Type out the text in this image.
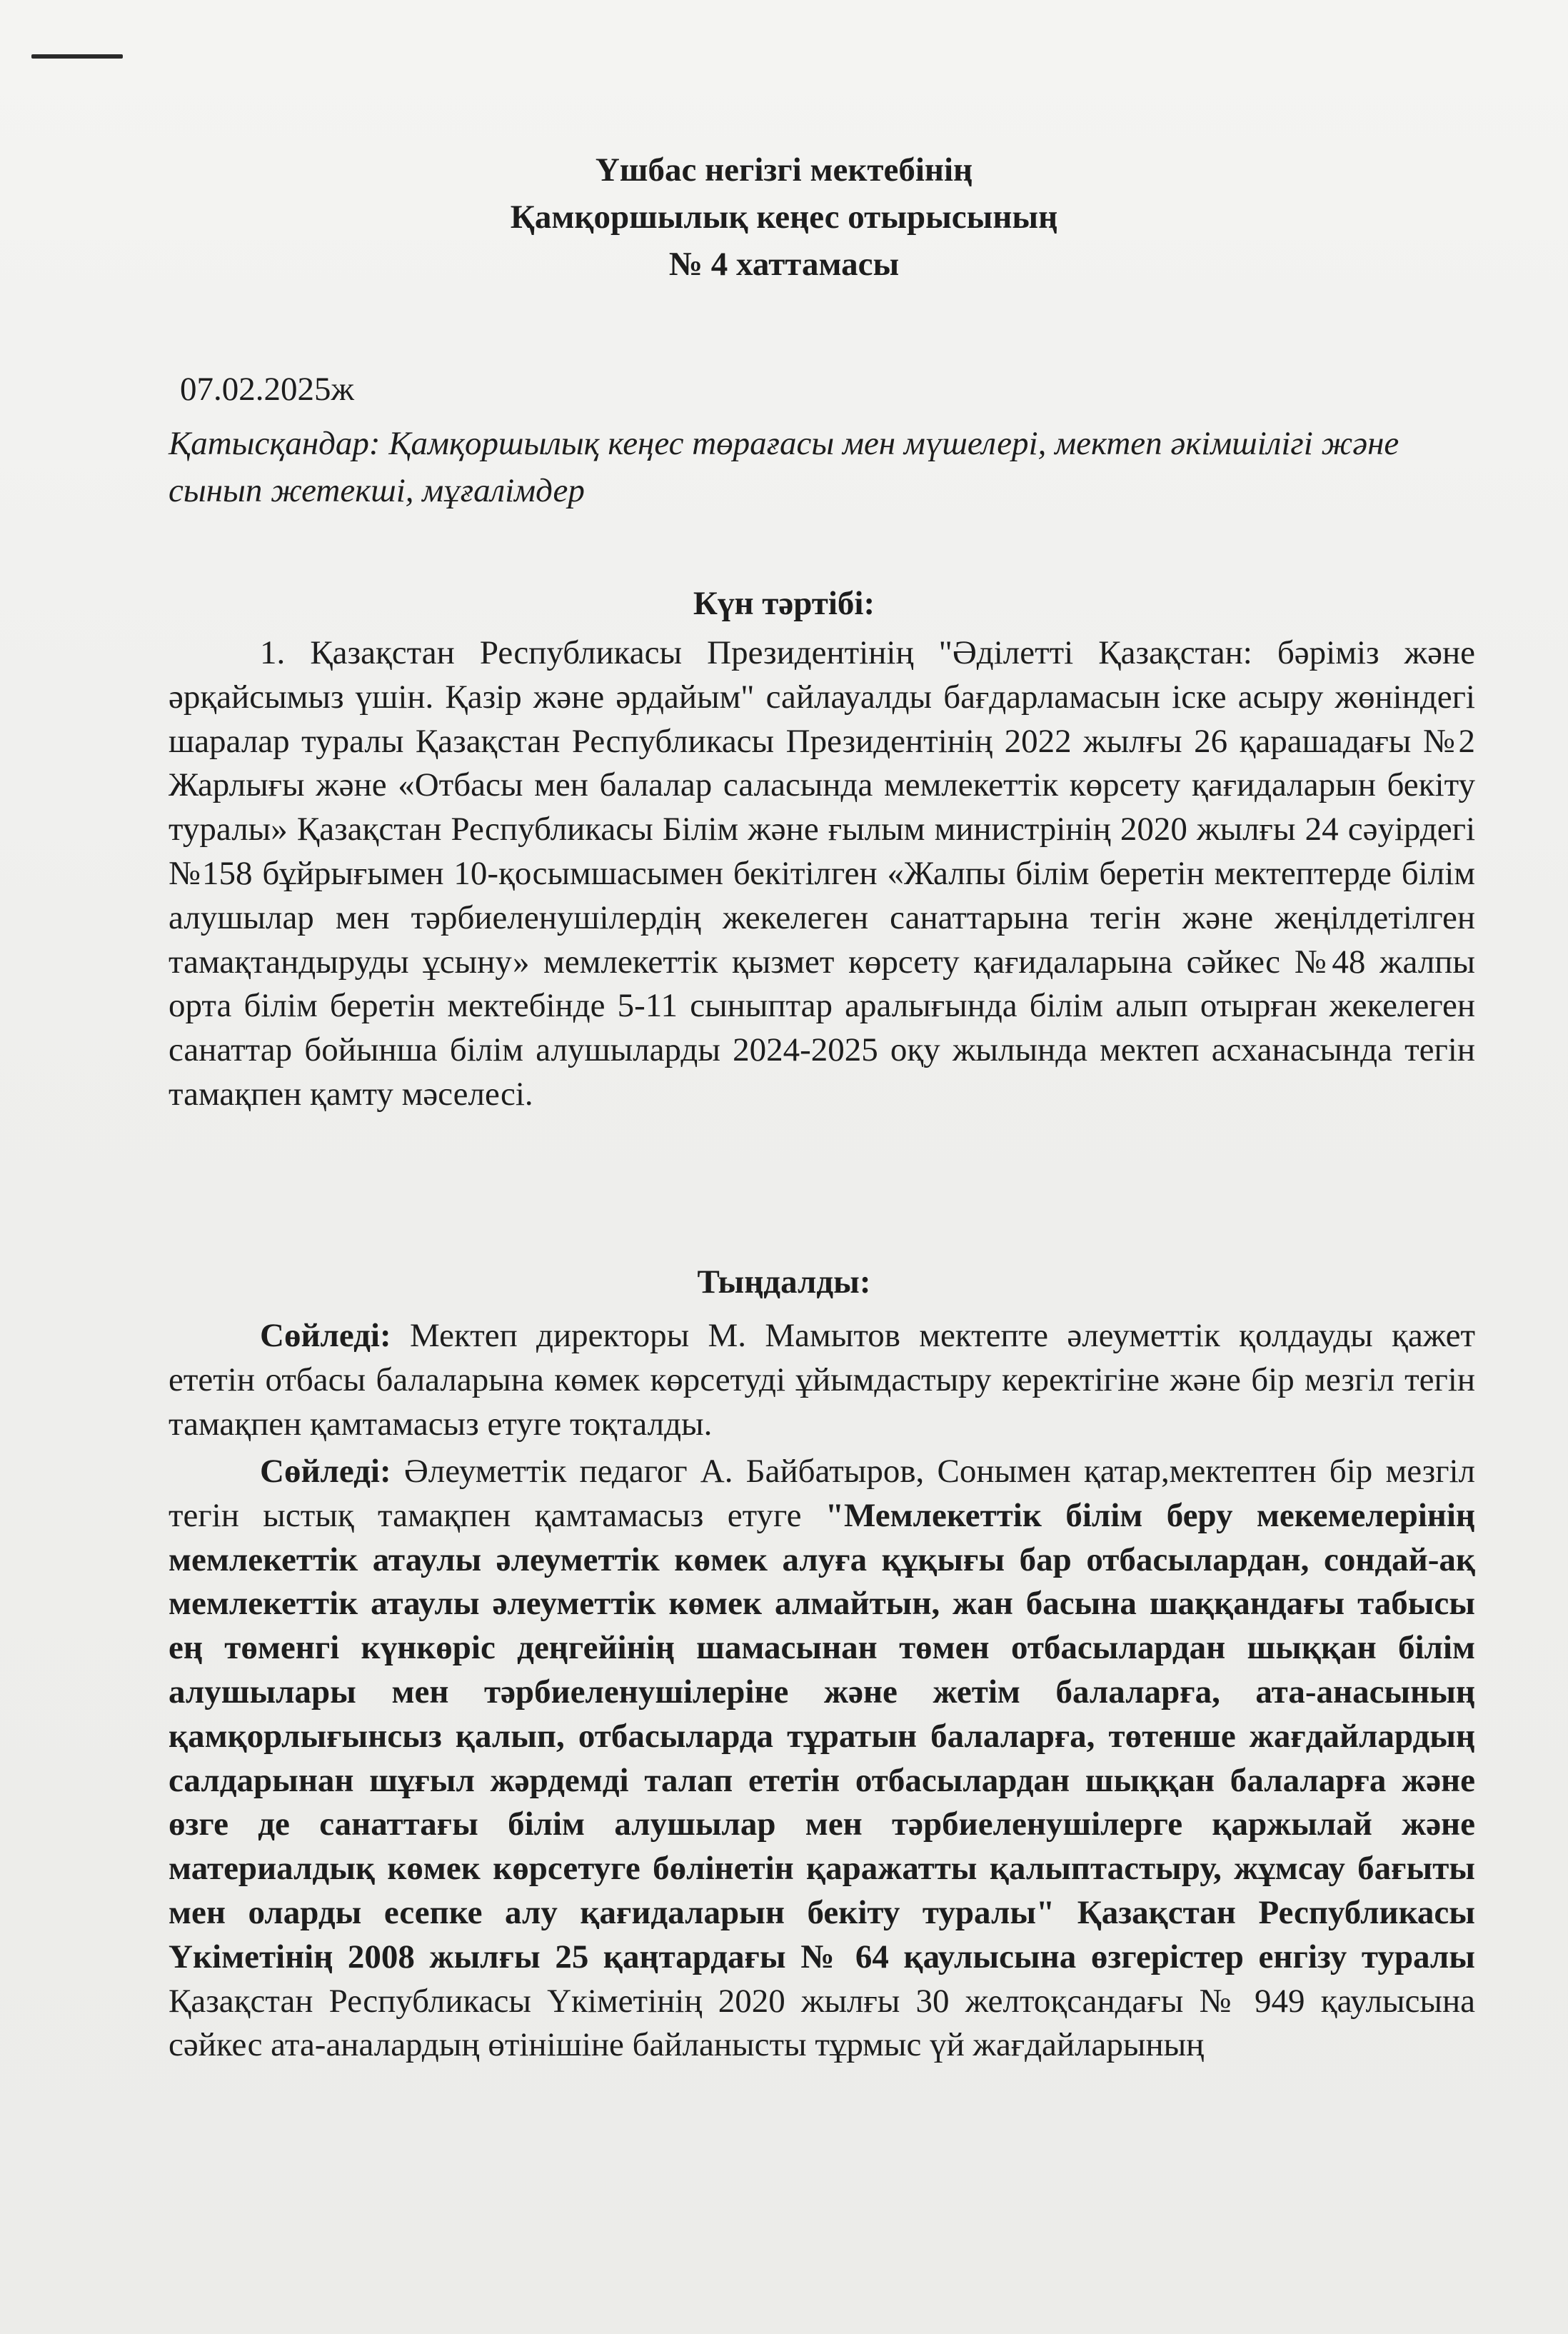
Үшбас негізгі мектебінің
Қамқоршылық кеңес отырысының
№ 4 хаттамасы
07.02.2025ж
Қатысқандар: Қамқоршылық кеңес төрағасы мен мүшелері, мектеп әкімшілігі және сынып жетекші, мұғалімдер
Күн тәртібі:

1. Қазақстан Республикасы Президентінің "Әділетті Қазақстан: бәріміз және әрқайсымыз үшін. Қазір және әрдайым" сайлауалды бағдарламасын іске асыру жөніндегі шаралар туралы Қазақстан Республикасы Президентінің 2022 жылғы 26 қарашадағы №2 Жарлығы және «Отбасы мен балалар саласында мемлекеттік көрсету қағидаларын бекіту туралы» Қазақстан Республикасы Білім және ғылым министрінің 2020 жылғы 24 сәуірдегі №158 бұйрығымен 10-қосымшасымен бекітілген «Жалпы білім беретін мектептерде білім алушылар мен тәрбиеленушілердің жекелеген санаттарына тегін және жеңілдетілген тамақтандыруды ұсыну» мемлекеттік қызмет көрсету қағидаларына сәйкес №48 жалпы орта білім беретін мектебінде 5-11 сыныптар аралығында білім алып отырған жекелеген санаттар бойынша білім алушыларды 2024-2025 оқу жылында мектеп асханасында тегін тамақпен қамту мәселесі.

Тыңдалды:

Сөйледі: Мектеп директоры М. Мамытов мектепте әлеуметтік қолдауды қажет ететін отбасы балаларына көмек көрсетуді ұйымдастыру керектігіне және бір мезгіл тегін тамақпен қамтамасыз етуге тоқталды.

Сөйледі: Әлеуметтік педагог А. Байбатыров, Сонымен қатар,мектептен бір мезгіл тегін ыстық тамақпен қамтамасыз етуге "Мемлекеттік білім беру мекемелерінің мемлекеттік атаулы әлеуметтік көмек алуға құқығы бар отбасылардан, сондай-ақ мемлекеттік атаулы әлеуметтік көмек алмайтын, жан басына шаққандағы табысы ең төменгі күнкөріс деңгейінің шамасынан төмен отбасылардан шыққан білім алушылары мен тәрбиеленушілеріне және жетім балаларға, ата-анасының қамқорлығынсыз қалып, отбасыларда тұратын балаларға, төтенше жағдайлардың салдарынан шұғыл жәрдемді талап ететін отбасылардан шыққан балаларға және өзге де санаттағы білім алушылар мен тәрбиеленушілерге қаржылай және материалдық көмек көрсетуге бөлінетін қаражатты қалыптастыру, жұмсау бағыты мен оларды есепке алу қағидаларын бекіту туралы" Қазақстан Республикасы Үкіметінің 2008 жылғы 25 қаңтардағы № 64 қаулысына өзгерістер енгізу туралы Қазақстан Республикасы Үкіметінің 2020 жылғы 30 желтоқсандағы № 949 қаулысына сәйкес ата-аналардың өтінішіне байланысты тұрмыс үй жағдайларының
